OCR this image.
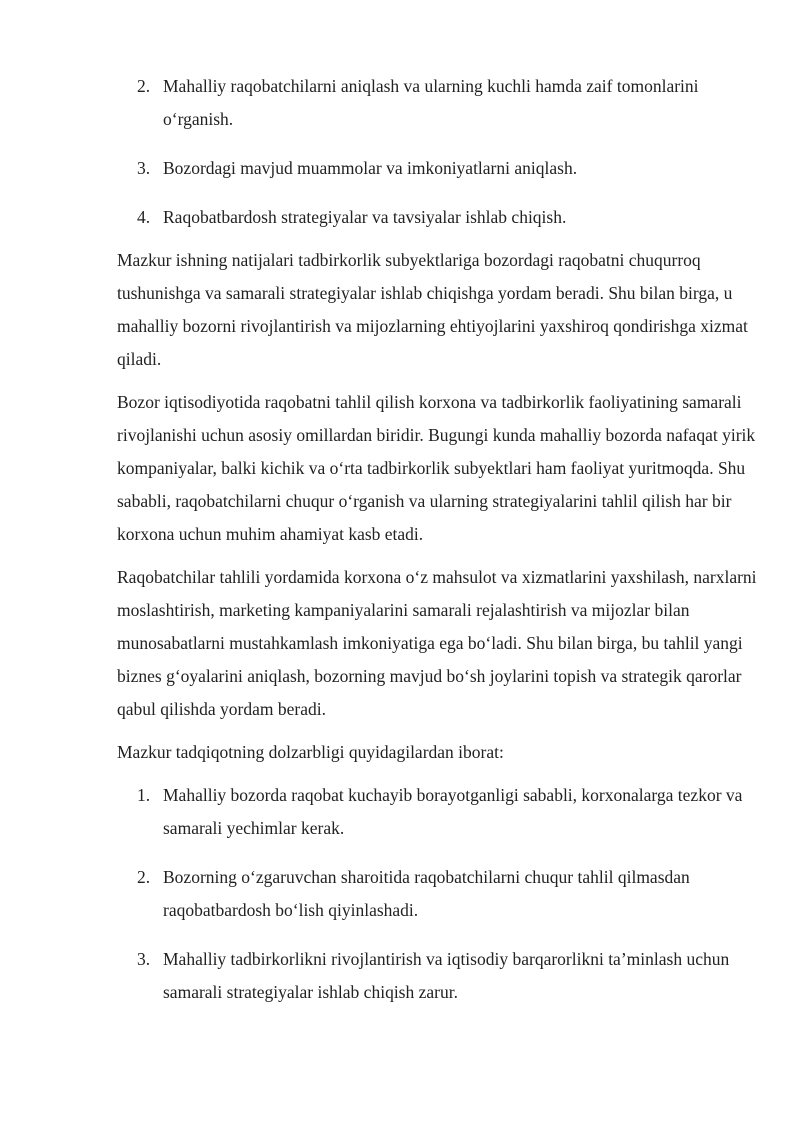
2. Mahalliy raqobatchilarni aniqlash va ularning kuchli hamda zaif tomonlarini o‘rganish.
3. Bozordagi mavjud muammolar va imkoniyatlarni aniqlash.
4. Raqobatbardosh strategiyalar va tavsiyalar ishlab chiqish.

Mazkur ishning natijalari tadbirkorlik subyektlariga bozordagi raqobatni chuqurroq tushunishga va samarali strategiyalar ishlab chiqishga yordam beradi. Shu bilan birga, u mahalliy bozorni rivojlantirish va mijozlarning ehtiyojlarini yaxshiroq qondirishga xizmat qiladi.

Bozor iqtisodiyotida raqobatni tahlil qilish korxona va tadbirkorlik faoliyatining samarali rivojlanishi uchun asosiy omillardan biridir. Bugungi kunda mahalliy bozorda nafaqat yirik kompaniyalar, balki kichik va o‘rta tadbirkorlik subyektlari ham faoliyat yuritmoqda. Shu sababli, raqobatchilarni chuqur o‘rganish va ularning strategiyalarini tahlil qilish har bir korxona uchun muhim ahamiyat kasb etadi.

Raqobatchilar tahlili yordamida korxona o‘z mahsulot va xizmatlarini yaxshilash, narxlarni moslashtirish, marketing kampaniyalarini samarali rejalashtirish va mijozlar bilan munosabatlarni mustahkamlash imkoniyatiga ega bo‘ladi. Shu bilan birga, bu tahlil yangi biznes g‘oyalarini aniqlash, bozorning mavjud bo‘sh joylarini topish va strategik qarorlar qabul qilishda yordam beradi.

Mazkur tadqiqotning dolzarbligi quyidagilardan iborat:

1. Mahalliy bozorda raqobat kuchayib borayotganligi sababli, korxonalarga tezkor va samarali yechimlar kerak.
2. Bozorning o‘zgaruvchan sharoitida raqobatchilarni chuqur tahlil qilmasdan raqobatbardosh bo‘lish qiyinlashadi.
3. Mahalliy tadbirkorlikni rivojlantirish va iqtisodiy barqarorlikni ta’minlash uchun samarali strategiyalar ishlab chiqish zarur.
